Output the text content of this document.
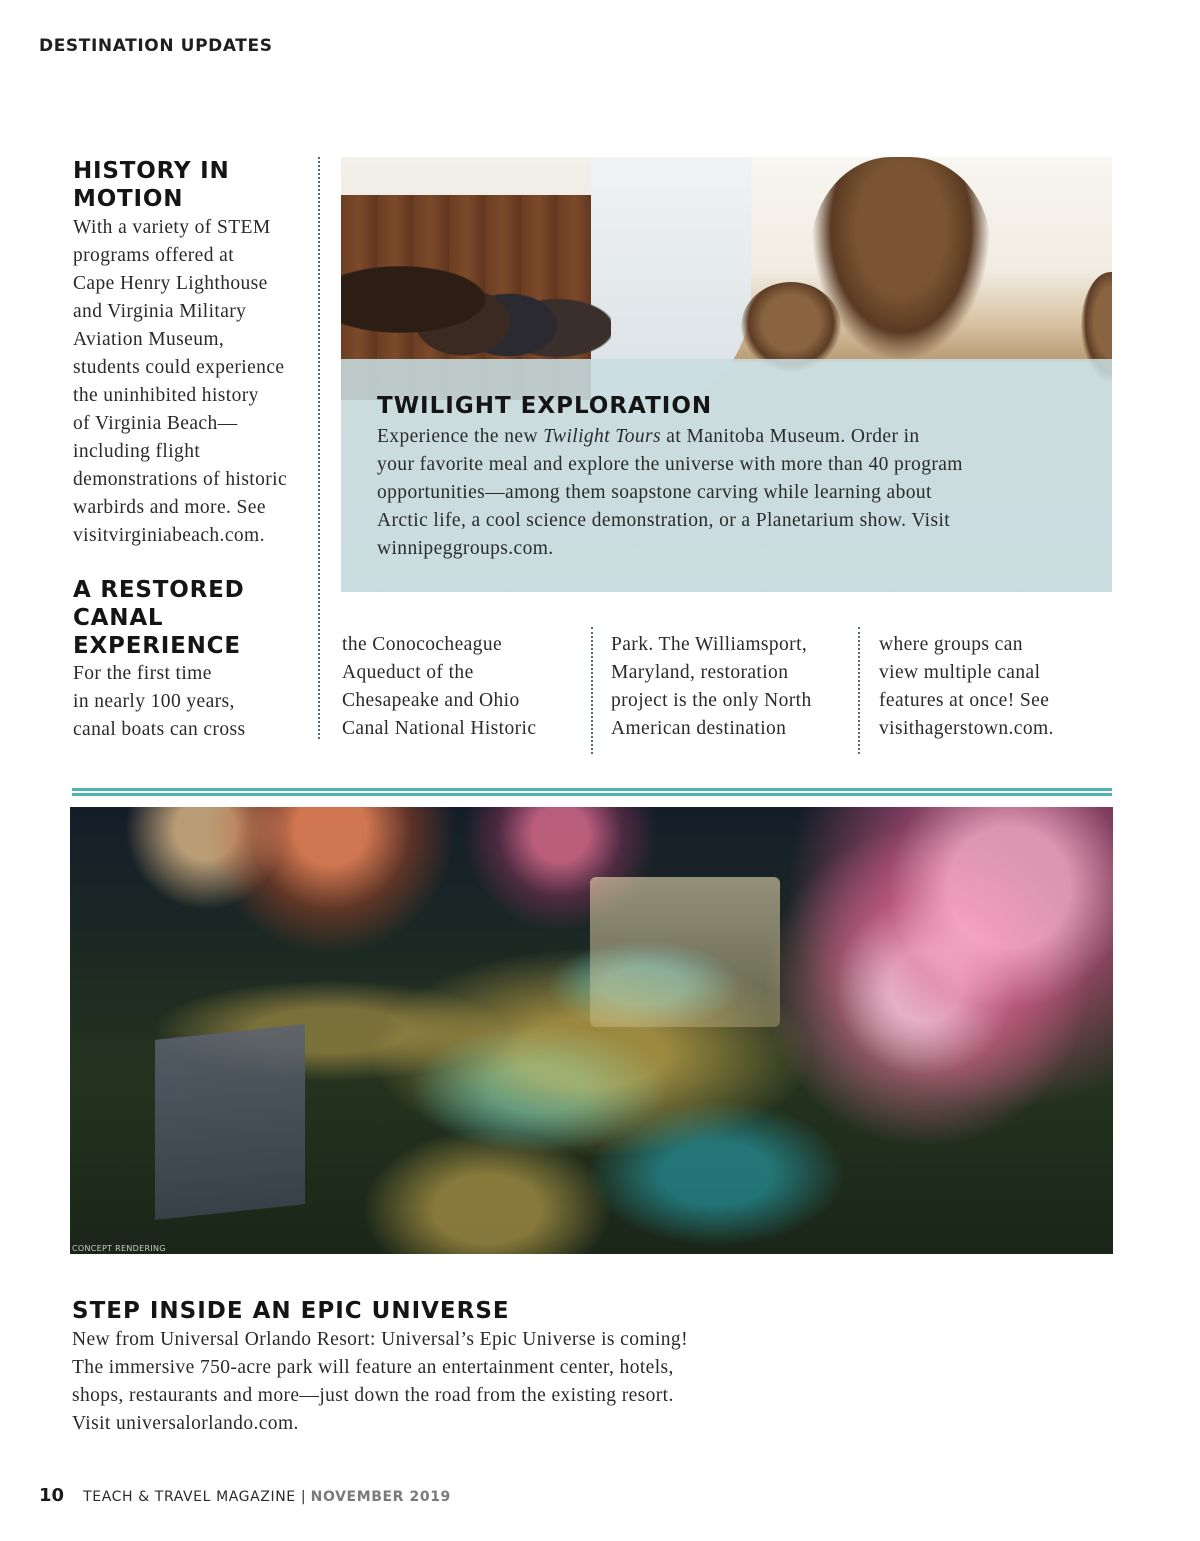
DESTINATION UPDATES
HISTORY IN
MOTION
With a variety of STEM
programs offered at
Cape Henry Lighthouse
and Virginia Military
Aviation Museum,
students could experience
the uninhibited history
of Virginia Beach—
including flight
demonstrations of historic
warbirds and more. See
visitvirginiabeach.com.
TWILIGHT EXPLORATION
Experience the new Twilight Tours at Manitoba Museum. Order in
your favorite meal and explore the universe with more than 40 program
opportunities—among them soapstone carving while learning about
Arctic life, a cool science demonstration, or a Planetarium show. Visit
winnipeggroups.com.
A RESTORED
CANAL
EXPERIENCE
For the first time
in nearly 100 years,
canal boats can cross
the Conococheague
Aqueduct of the
Chesapeake and Ohio
Canal National Historic
Park. The Williamsport,
Maryland, restoration
project is the only North
American destination
where groups can
view multiple canal
features at once! See
visithagerstown.com.
CONCEPT RENDERING
STEP INSIDE AN EPIC UNIVERSE
New from Universal Orlando Resort: Universal’s Epic Universe is coming!
The immersive 750-acre park will feature an entertainment center, hotels,
shops, restaurants and more—just down the road from the existing resort.
Visit universalorlando.com.
10 TEACH & TRAVEL MAGAZINE | NOVEMBER 2019
